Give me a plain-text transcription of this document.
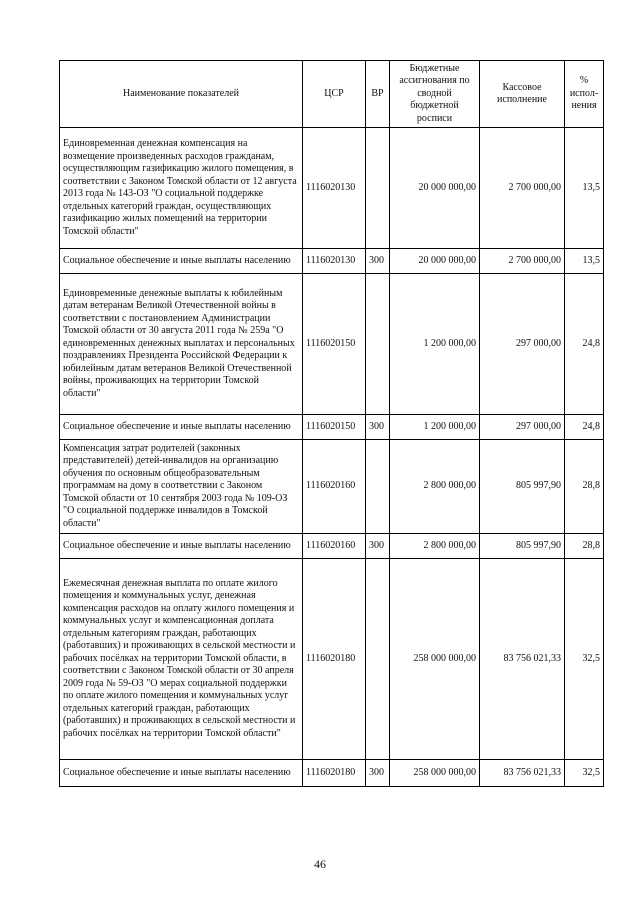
Наименование показателей	ЦСР	ВР	Бюджетные ассигнования по сводной бюджетной росписи	Кассовое исполнение	% испол-нения
Единовременная денежная компенсация на возмещение произведенных расходов гражданам, осуществляющим газификацию жилого помещения, в соответствии с Законом Томской области от 12 августа 2013 года № 143-ОЗ "О социальной поддержке отдельных категорий граждан, осуществляющих газификацию жилых помещений на территории Томской области"	1116020130		20 000 000,00	2 700 000,00	13,5
Социальное обеспечение и иные выплаты населению	1116020130	300	20 000 000,00	2 700 000,00	13,5
Единовременные денежные выплаты к юбилейным датам ветеранам Великой Отечественной войны в соответствии с постановлением Администрации Томской области от 30 августа 2011 года № 259а "О единовременных денежных выплатах и персональных поздравлениях Президента Российской Федерации к юбилейным датам ветеранов Великой Отечественной войны, проживающих на территории Томской области"	1116020150		1 200 000,00	297 000,00	24,8
Социальное обеспечение и иные выплаты населению	1116020150	300	1 200 000,00	297 000,00	24,8
Компенсация затрат родителей (законных представителей) детей-инвалидов на организацию обучения по основным общеобразовательным программам на дому в соответствии с Законом Томской области от 10 сентября 2003 года № 109-ОЗ "О социальной поддержке инвалидов в Томской области"	1116020160		2 800 000,00	805 997,90	28,8
Социальное обеспечение и иные выплаты населению	1116020160	300	2 800 000,00	805 997,90	28,8
Ежемесячная денежная выплата по оплате жилого помещения и коммунальных услуг, денежная компенсация расходов на оплату жилого помещения и коммунальных услуг и компенсационная доплата отдельным категориям граждан, работающих (работавших) и проживающих в сельской местности и рабочих посёлках на территории Томской области, в соответствии с Законом Томской области от 30 апреля 2009 года № 59-ОЗ "О мерах социальной поддержки по оплате жилого помещения и коммунальных услуг отдельных категорий граждан, работающих (работавших) и проживающих в сельской местности и рабочих посёлках на территории Томской области"	1116020180		258 000 000,00	83 756 021,33	32,5
Социальное обеспечение и иные выплаты населению	1116020180	300	258 000 000,00	83 756 021,33	32,5
46
